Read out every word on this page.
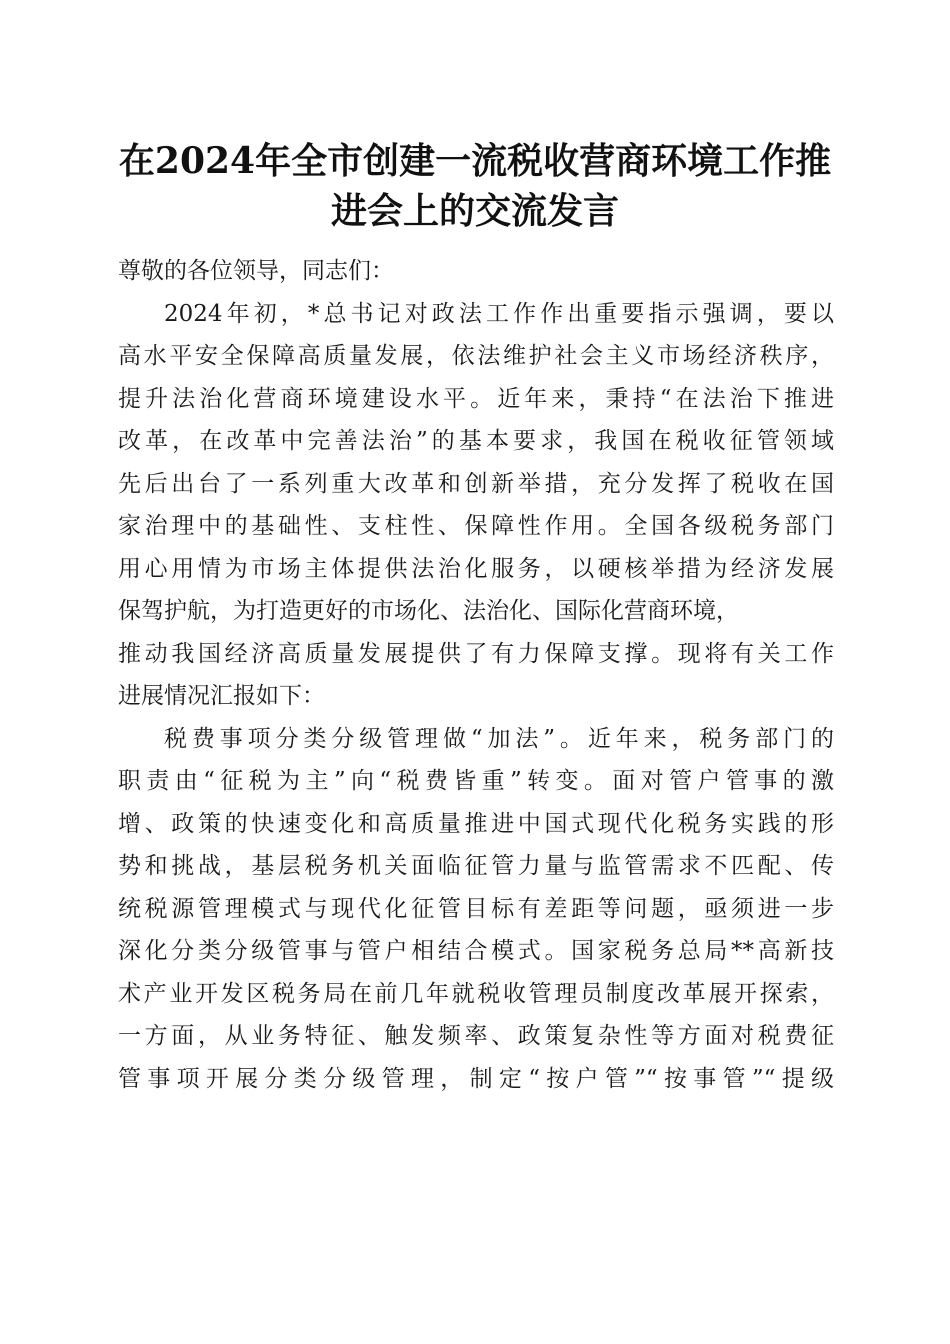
在2024年全市创建一流税收营商环境工作推
进会上的交流发言
尊敬的各位领导，同志们：
2024年初，*总书记对政法工作作出重要指示强调，要以
高水平安全保障高质量发展，依法维护社会主义市场经济秩序，
提升法治化营商环境建设水平。近年来，秉持“在法治下推进
改革，在改革中完善法治”的基本要求，我国在税收征管领域
先后出台了一系列重大改革和创新举措，充分发挥了税收在国
家治理中的基础性、支柱性、保障性作用。全国各级税务部门
用心用情为市场主体提供法治化服务，以硬核举措为经济发展
保驾护航，为打造更好的市场化、法治化、国际化营商环境，
推动我国经济高质量发展提供了有力保障支撑。现将有关工作
进展情况汇报如下：
税费事项分类分级管理做“加法”。近年来，税务部门的
职责由“征税为主”向“税费皆重”转变。面对管户管事的激
增、政策的快速变化和高质量推进中国式现代化税务实践的形
势和挑战，基层税务机关面临征管力量与监管需求不匹配、传
统税源管理模式与现代化征管目标有差距等问题，亟须进一步
深化分类分级管事与管户相结合模式。国家税务总局**高新技
术产业开发区税务局在前几年就税收管理员制度改革展开探索，
一方面，从业务特征、触发频率、政策复杂性等方面对税费征
管事项开展分类分级管理，制定“按户管”“按事管”“提级
